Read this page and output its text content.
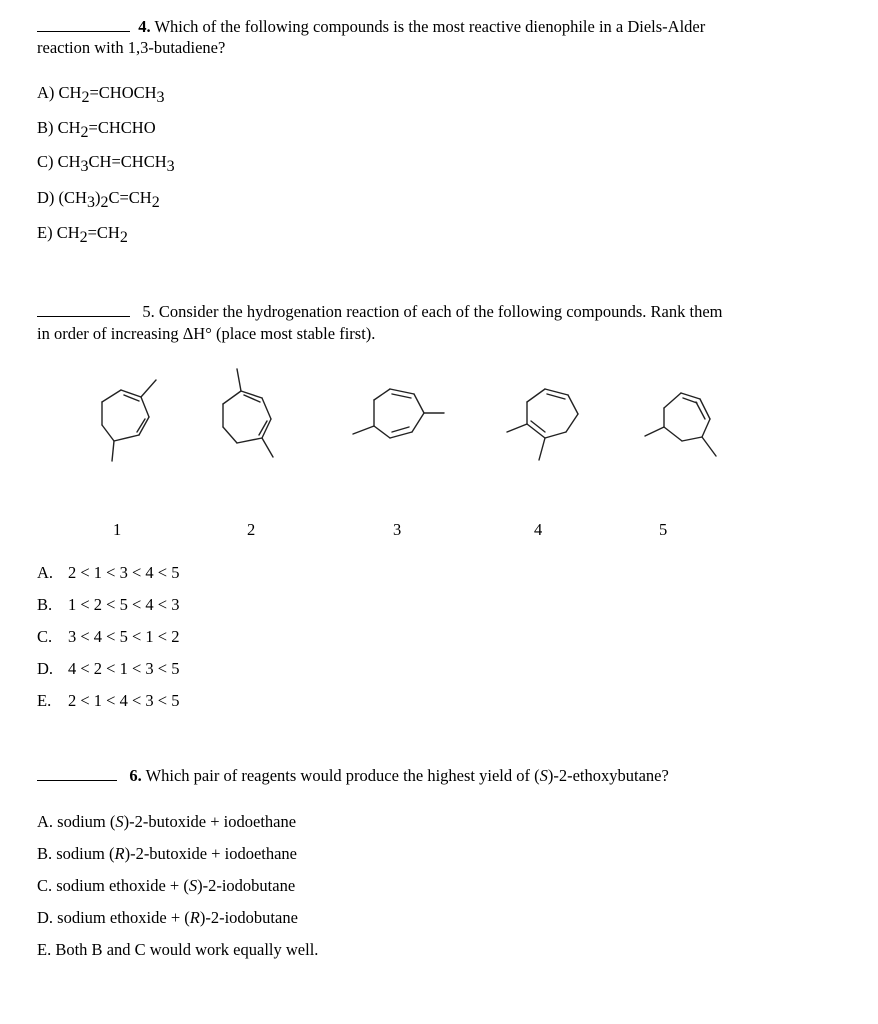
4. Which of the following compounds is the most reactive dienophile in a Diels-Alder
reaction with 1,3-butadiene?
A) $CH_2=CHOCH_3$
B) $CH_2=CHCHO$
C) $CH_3CH=CHCH_3$
D) $(CH_3)_2C=CH_2$
E) $CH_2=CH_2$
5. Consider the hydrogenation reaction of each of the following compounds. Rank them
in order of increasing ΔH° (place most stable first).
1	2	3	4	5
A. 2 < 1 < 3 < 4 < 5
B. 1 < 2 < 5 < 4 < 3
C. 3 < 4 < 5 < 1 < 2
D. 4 < 2 < 1 < 3 < 5
E. 2 < 1 < 4 < 3 < 5
6. Which pair of reagents would produce the highest yield of (S)-2-ethoxybutane?
A. sodium (S)-2-butoxide + iodoethane
B. sodium (R)-2-butoxide + iodoethane
C. sodium ethoxide + (S)-2-iodobutane
D. sodium ethoxide + (R)-2-iodobutane
E. Both B and C would work equally well.
